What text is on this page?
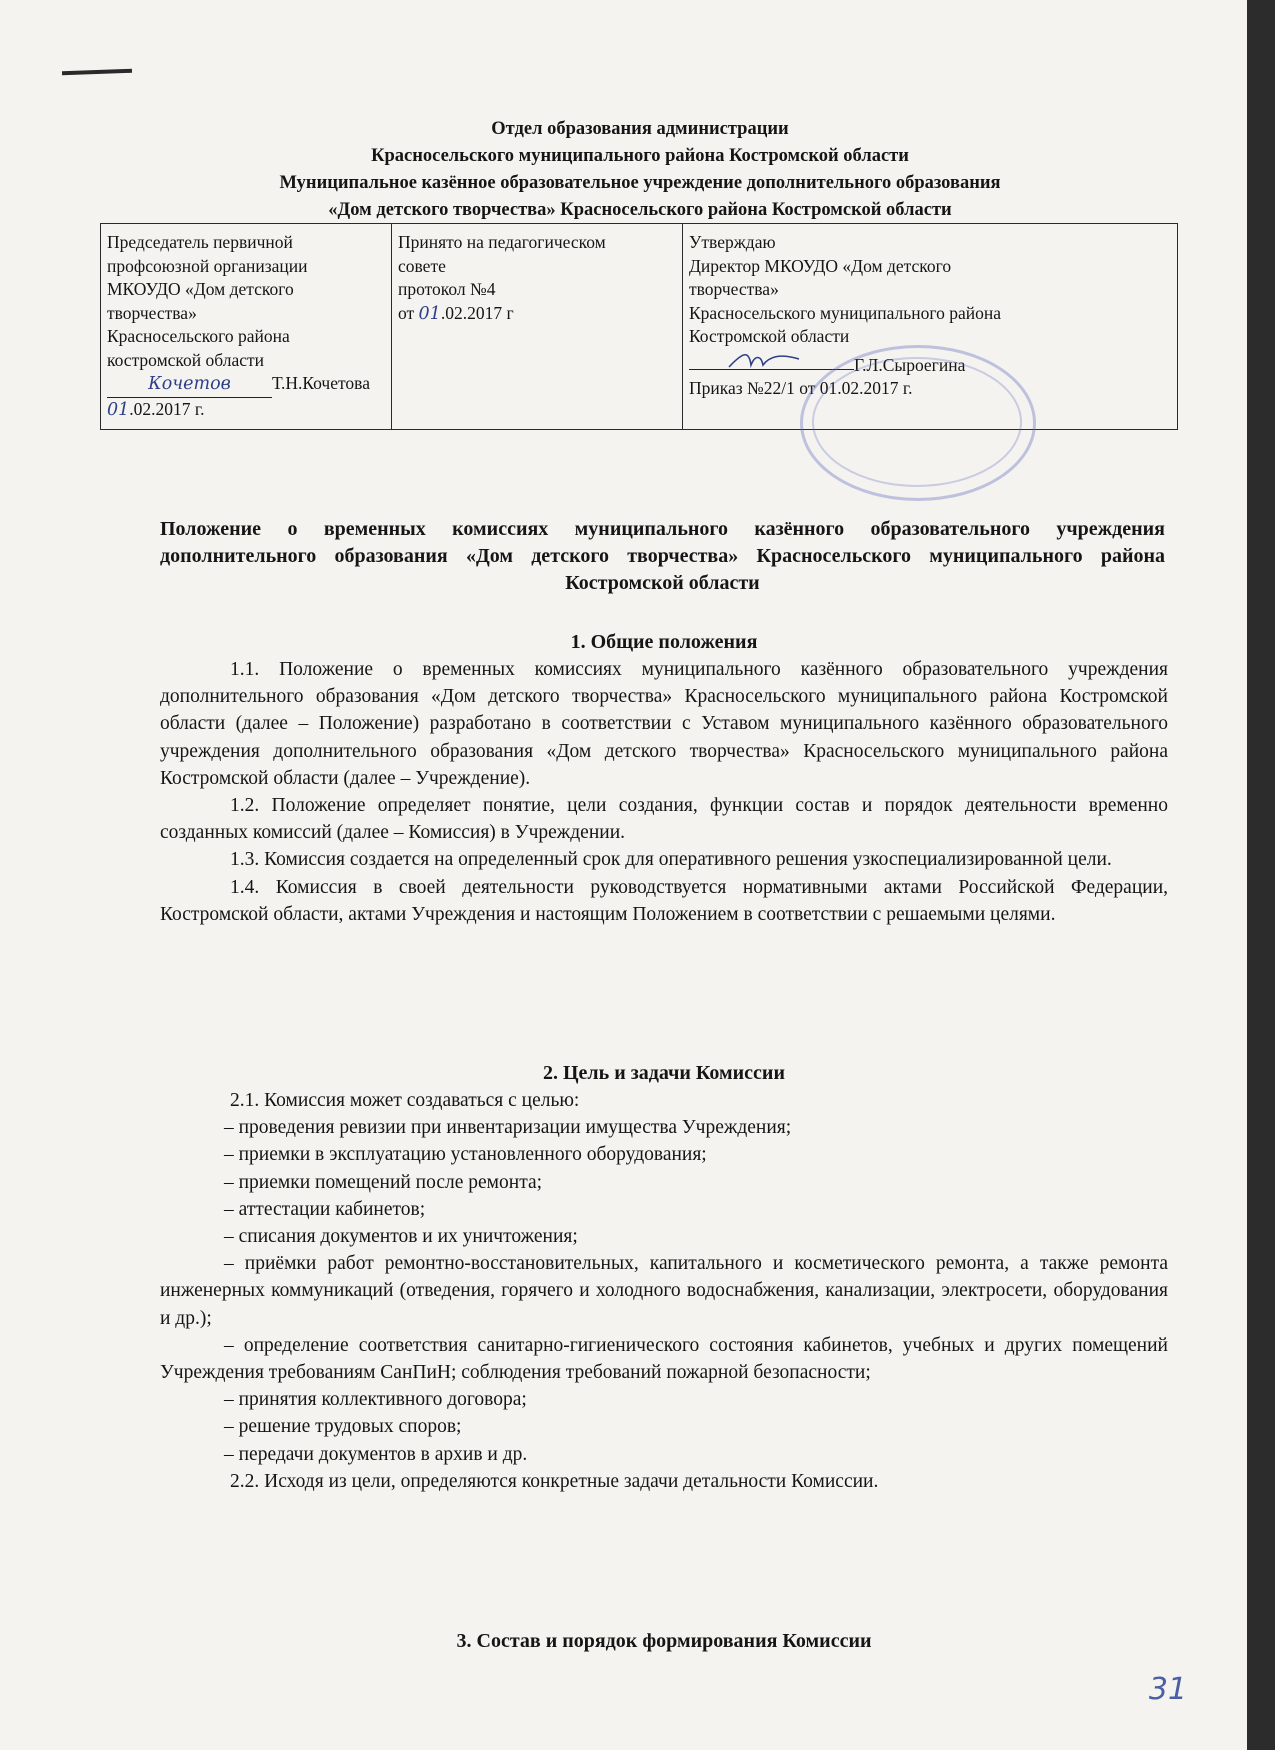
Отдел образования администрации
Красносельского муниципального района Костромской области
Муниципальное казённое образовательное учреждение дополнительного образования
«Дом детского творчества» Красносельского района Костромской области
Председатель первичной
профсоюзной организации
МКОУДО «Дом детского
творчества»
Красносельского района
костромской области
Кочетов Т.Н.Кочетова
01.02.2017 г.

Принято на педагогическом
совете
протокол №4
от 01.02.2017 г

Утверждаю
Директор МКОУДО «Дом детского
творчества»
Красносельского муниципального района
Костромской области
Г.Л.Сыроегина
Приказ №22/1 от 01.02.2017 г.
Положение о временных комиссиях муниципального казённого образовательного учреждения дополнительного образования «Дом детского творчества» Красносельского муниципального района Костромской области
1. Общие положения

1.1. Положение о временных комиссиях муниципального казённого образовательного учреждения дополнительного образования «Дом детского творчества» Красносельского муниципального района Костромской области (далее – Положение) разработано в соответствии с Уставом муниципального казённого образовательного учреждения дополнительного образования «Дом детского творчества» Красносельского муниципального района Костромской области (далее – Учреждение).

1.2. Положение определяет понятие, цели создания, функции состав и порядок деятельности временно созданных комиссий (далее – Комиссия) в Учреждении.

1.3. Комиссия создается на определенный срок для оперативного решения узкоспециализированной цели.

1.4. Комиссия в своей деятельности руководствуется нормативными актами Российской Федерации, Костромской области, актами Учреждения и настоящим Положением в соответствии с решаемыми целями.

2. Цель и задачи Комиссии

2.1. Комиссия может создаваться с целью:

– проведения ревизии при инвентаризации имущества Учреждения;

– приемки в эксплуатацию установленного оборудования;

– приемки помещений после ремонта;

– аттестации кабинетов;

– списания документов и их уничтожения;

– приёмки работ ремонтно-восстановительных, капитального и косметического ремонта, а также ремонта инженерных коммуникаций (отведения, горячего и холодного водоснабжения, канализации, электросети, оборудования и др.);

– определение соответствия санитарно-гигиенического состояния кабинетов, учебных и других помещений Учреждения требованиям СанПиН; соблюдения требований пожарной безопасности;

– принятия коллективного договора;

– решение трудовых споров;

– передачи документов в архив и др.

2.2. Исходя из цели, определяются конкретные задачи детальности Комиссии.

3. Состав и порядок формирования Комиссии
31
